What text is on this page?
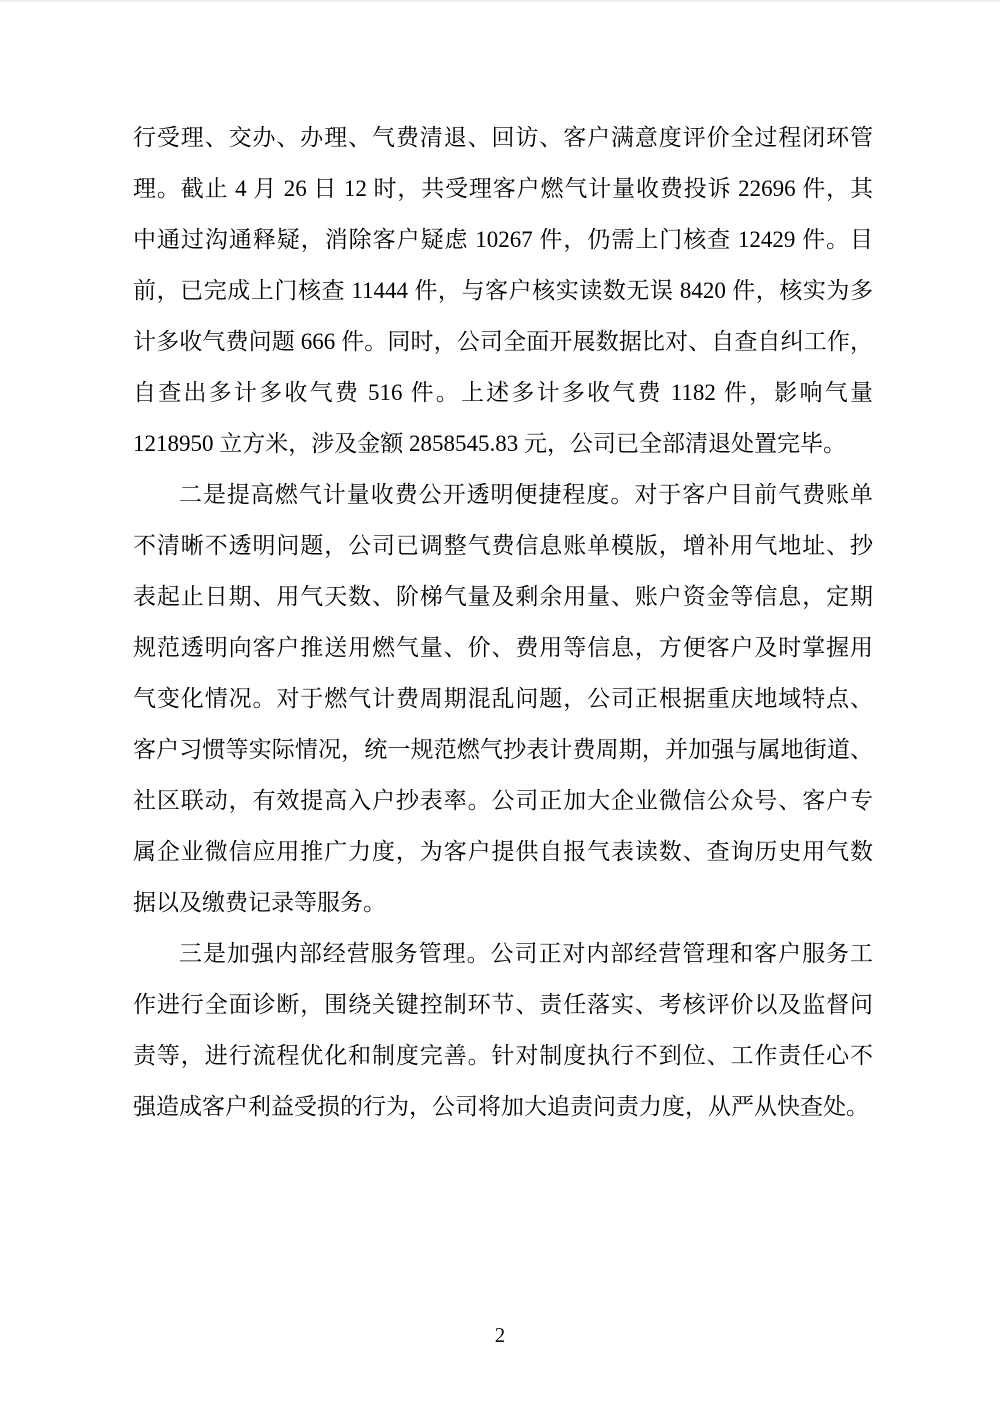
行受理、交办、办理、气费清退、回访、客户满意度评价全过程闭环管
理。截止 4 月 26 日 12 时，共受理客户燃气计量收费投诉 22696 件，其
中通过沟通释疑，消除客户疑虑 10267 件，仍需上门核查 12429 件。目
前，已完成上门核查 11444 件，与客户核实读数无误 8420 件，核实为多
计多收气费问题 666 件。同时，公司全面开展数据比对、自查自纠工作，
自查出多计多收气费 516 件。上述多计多收气费 1182 件，影响气量
1218950 立方米，涉及金额 2858545.83 元，公司已全部清退处置完毕。

二是提高燃气计量收费公开透明便捷程度。对于客户目前气费账单
不清晰不透明问题，公司已调整气费信息账单模版，增补用气地址、抄
表起止日期、用气天数、阶梯气量及剩余用量、账户资金等信息，定期
规范透明向客户推送用燃气量、价、费用等信息，方便客户及时掌握用
气变化情况。对于燃气计费周期混乱问题，公司正根据重庆地域特点、
客户习惯等实际情况，统一规范燃气抄表计费周期，并加强与属地街道、
社区联动，有效提高入户抄表率。公司正加大企业微信公众号、客户专
属企业微信应用推广力度，为客户提供自报气表读数、查询历史用气数
据以及缴费记录等服务。

三是加强内部经营服务管理。公司正对内部经营管理和客户服务工
作进行全面诊断，围绕关键控制环节、责任落实、考核评价以及监督问
责等，进行流程优化和制度完善。针对制度执行不到位、工作责任心不
强造成客户利益受损的行为，公司将加大追责问责力度，从严从快查处。

2
